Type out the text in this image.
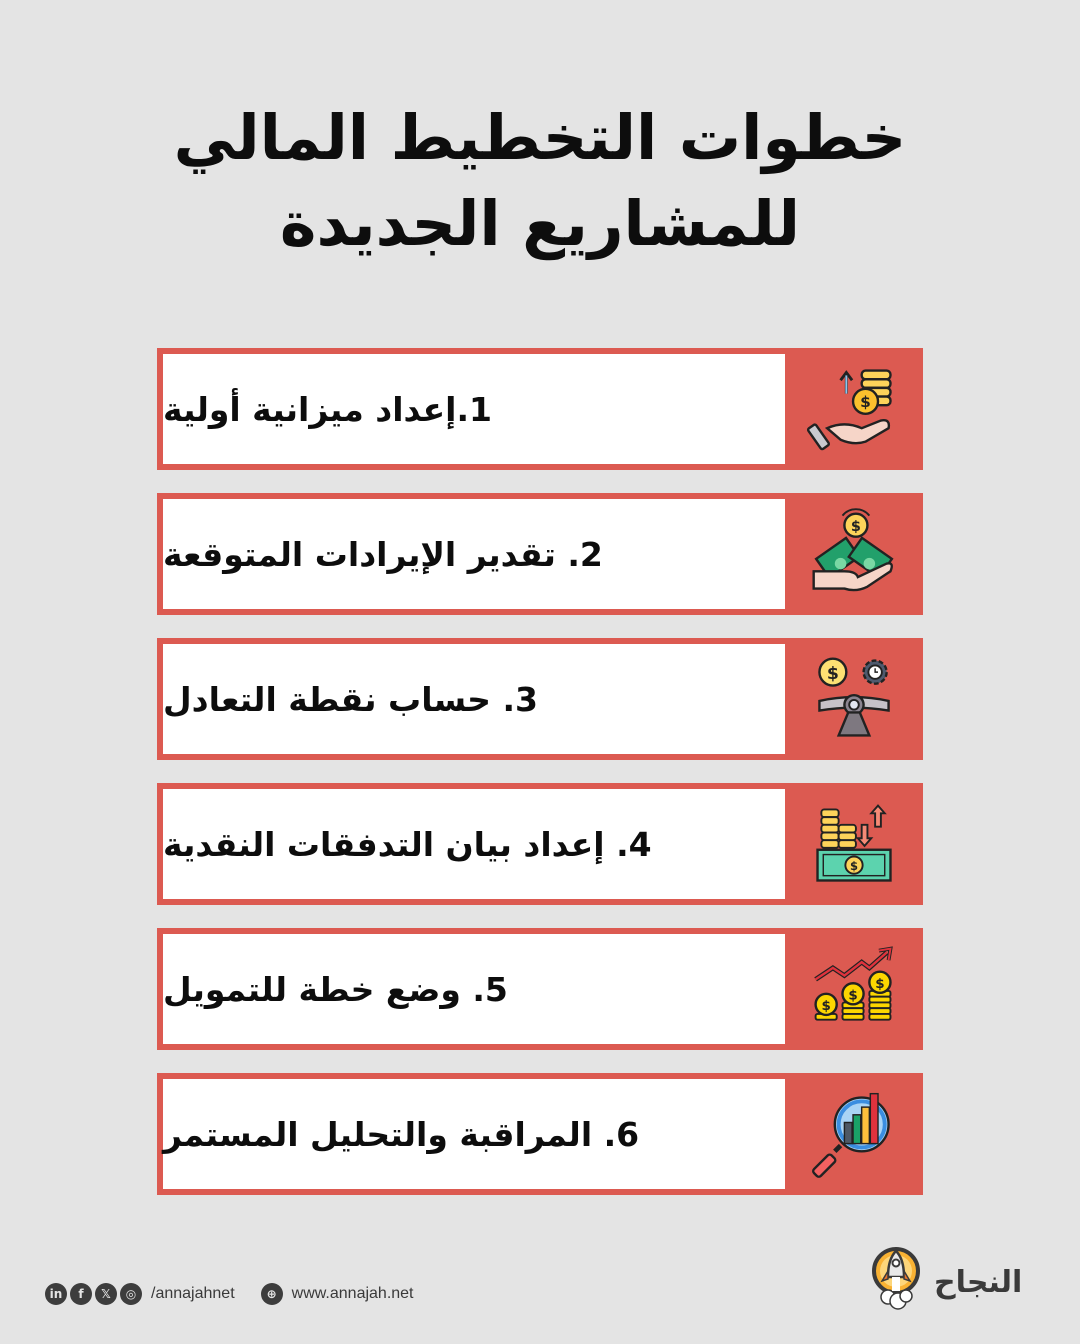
خطوات التخطيط المالي
للمشاريع الجديدة
1.إعداد ميزانية أولية	$
2. تقدير الإيرادات المتوقعة
$
3. حساب نقطة التعادل
$
4. إعداد بيان التدفقات النقدية
$
5. وضع خطة للتمويل	$
$
$
6. المراقبة والتحليل المستمر
in	f	𝕏	◎ /annajahnet	⊕ www.annajah.net	النجاح
